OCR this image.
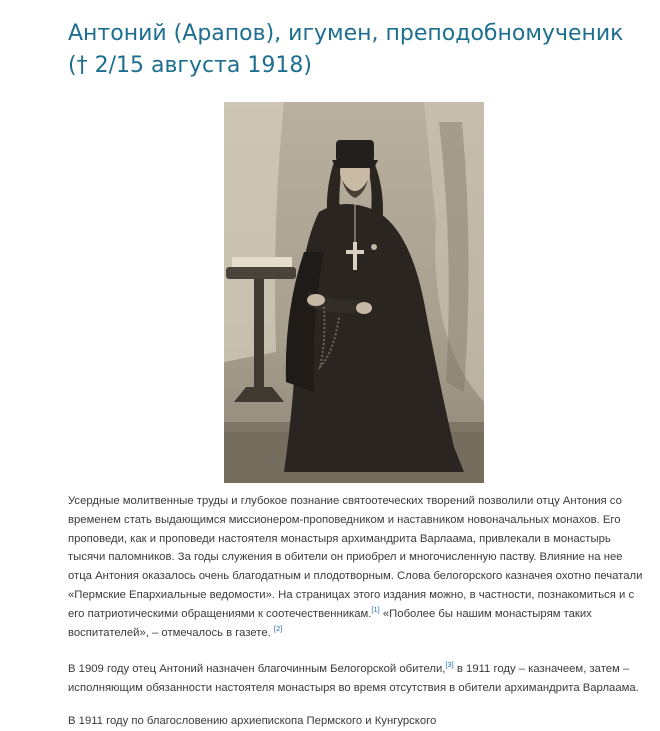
Антоний (Арапов), игумен, преподобномученик († 2/15 августа 1918)

Усердные молитвенные труды и глубокое познание святоотеческих творений позволили отцу Антония со временем стать выдающимся миссионером-проповедником и наставником новоначальных монахов. Его проповеди, как и проповеди настоятеля монастыря архимандрита Варлаама, привлекали в монастырь тысячи паломников. За годы служения в обители он приобрел и многочисленную паству. Влияние на нее отца Антония оказалось очень благодатным и плодотворным. Слова белогорского казначея охотно печатали «Пермские Епархиальные ведомости». На страницах этого издания можно, в частности, познакомиться и с его патриотическими обращениями к соотечественникам.[1] «Поболее бы нашим монастырям таких воспитателей», – отмечалось в газете. [2]

В 1909 году отец Антоний назначен благочинным Белогорской обители,[3] в 1911 году – казначеем, затем – исполняющим обязанности настоятеля монастыря во время отсутствия в обители архимандрита Варлаама.

В 1911 году по благословению архиепископа Пермского и Кунгурского
